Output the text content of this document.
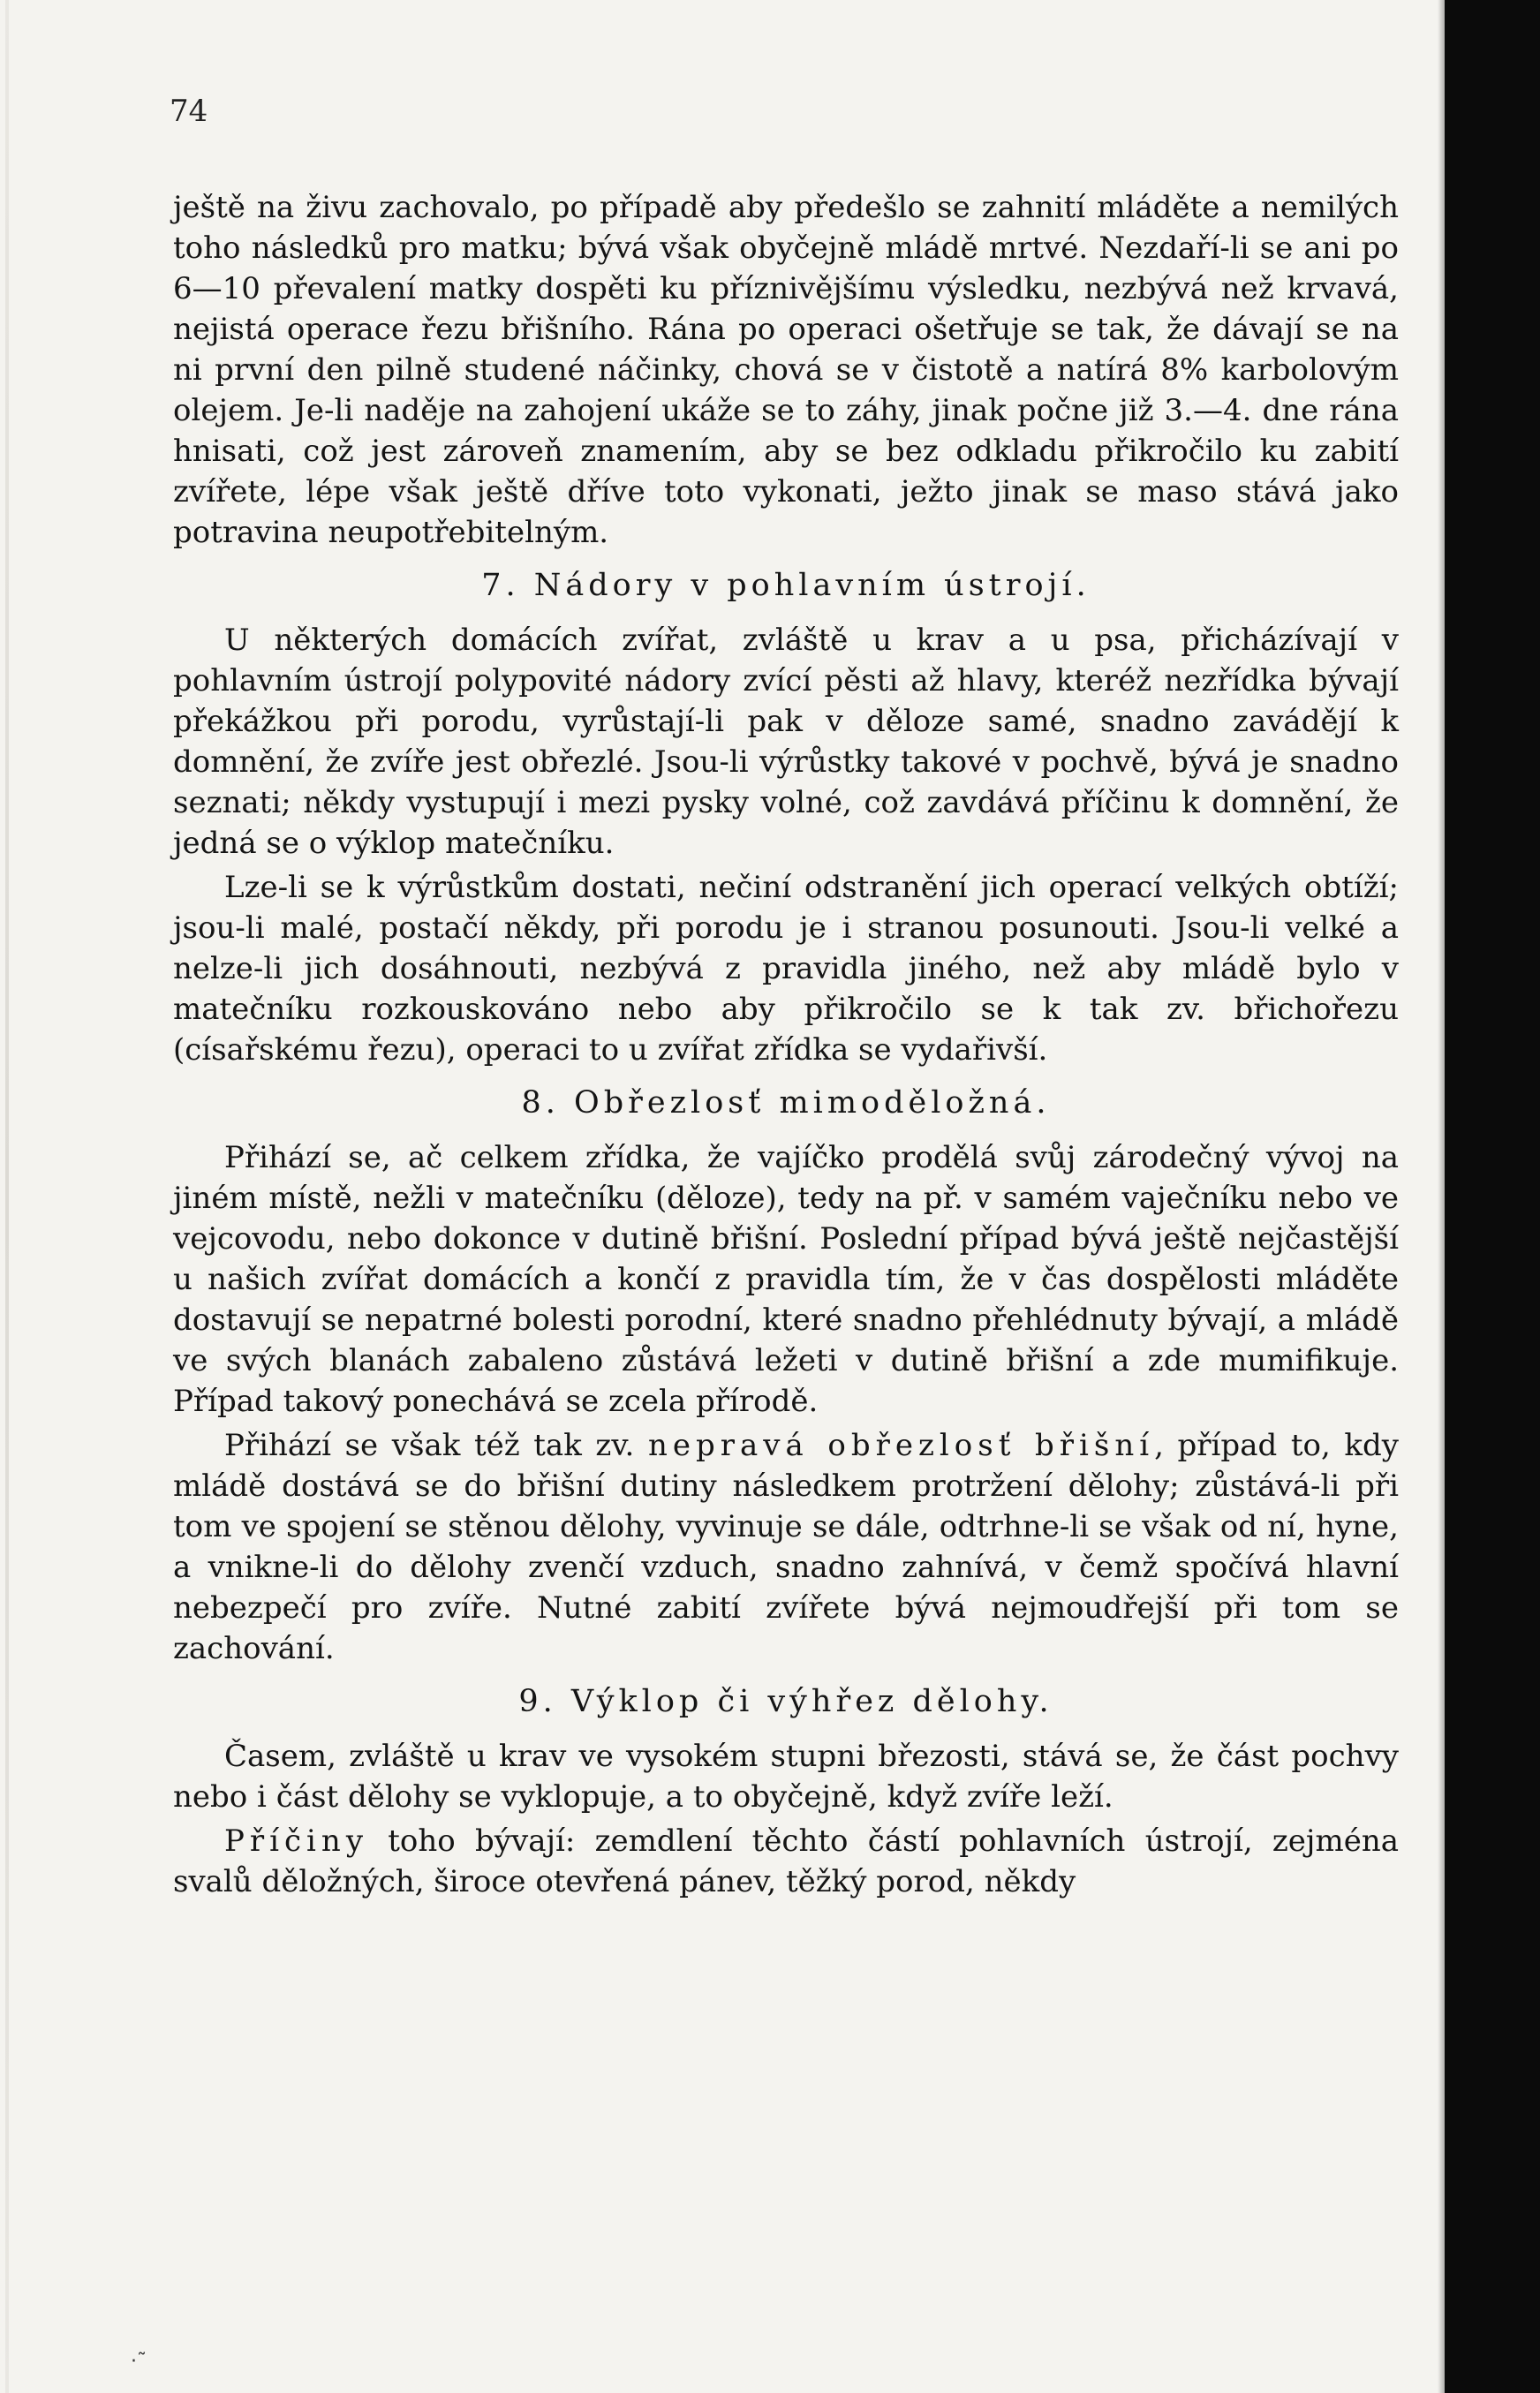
74

ještě na živu zachovalo, po případě aby předešlo se zahnití mláděte a nemilých toho následků pro matku; bývá však obyčejně mládě mrtvé. Nezdaří-li se ani po 6—10 převalení matky dospěti ku příznivějšímu výsledku, nezbývá než krvavá, nejistá operace řezu břišního. Rána po operaci ošetřuje se tak, že dávají se na ni první den pilně studené náčinky, chová se v čistotě a natírá 8% karbolovým olejem. Je-li naděje na zahojení ukáže se to záhy, jinak počne již 3.—4. dne rána hnisati, což jest zároveň znamením, aby se bez odkladu přikročilo ku zabití zvířete, lépe však ještě dříve toto vykonati, ježto jinak se maso stává jako potravina neupotřebitelným.

7. Nádory v pohlavním ústrojí.

U některých domácích zvířat, zvláště u krav a u psa, přicházívají v pohlavním ústrojí polypovité nádory zvící pěsti až hlavy, kteréž nezřídka bývají překážkou při porodu, vyrůstají-li pak v děloze samé, snadno zavádějí k domnění, že zvíře jest obřezlé. Jsou-li výrůstky takové v pochvě, bývá je snadno seznati; někdy vystupují i mezi pysky volné, což zavdává příčinu k domnění, že jedná se o výklop matečníku.

Lze-li se k výrůstkům dostati, nečiní odstranění jich operací velkých obtíží; jsou-li malé, postačí někdy, při porodu je i stranou posunouti. Jsou-li velké a nelze-li jich dosáhnouti, nezbývá z pravidla jiného, než aby mládě bylo v matečníku rozkouskováno nebo aby přikročilo se k tak zv. břichořezu (císařskému řezu), operaci to u zvířat zřídka se vydařivší.

8. Obřezlosť mimoděložná.

Přihází se, ač celkem zřídka, že vajíčko prodělá svůj zárodečný vývoj na jiném místě, nežli v matečníku (děloze), tedy na př. v samém vaječníku nebo ve vejcovodu, nebo dokonce v dutině břišní. Poslední případ bývá ještě nejčastější u našich zvířat domácích a končí z pravidla tím, že v čas dospělosti mláděte dostavují se nepatrné bolesti porodní, které snadno přehlédnuty bývají, a mládě ve svých blanách zabaleno zůstává ležeti v dutině břišní a zde mumifikuje. Případ takový ponechává se zcela přírodě.

Přihází se však též tak zv. nepravá obřezlosť břišní, případ to, kdy mládě dostává se do břišní dutiny následkem protržení dělohy; zůstává-li při tom ve spojení se stěnou dělohy, vyvinuje se dále, odtrhne-li se však od ní, hyne, a vnikne-li do dělohy zvenčí vzduch, snadno zahnívá, v čemž spočívá hlavní nebezpečí pro zvíře. Nutné zabití zvířete bývá nejmoudřejší při tom se zachování.

9. Výklop či výhřez dělohy.

Časem, zvláště u krav ve vysokém stupni březosti, stává se, že část pochvy nebo i část dělohy se vyklopuje, a to obyčejně, když zvíře leží.

Příčiny toho bývají: zemdlení těchto částí pohlavních ústrojí, zejména svalů děložných, široce otevřená pánev, těžký porod, někdy

·˜
